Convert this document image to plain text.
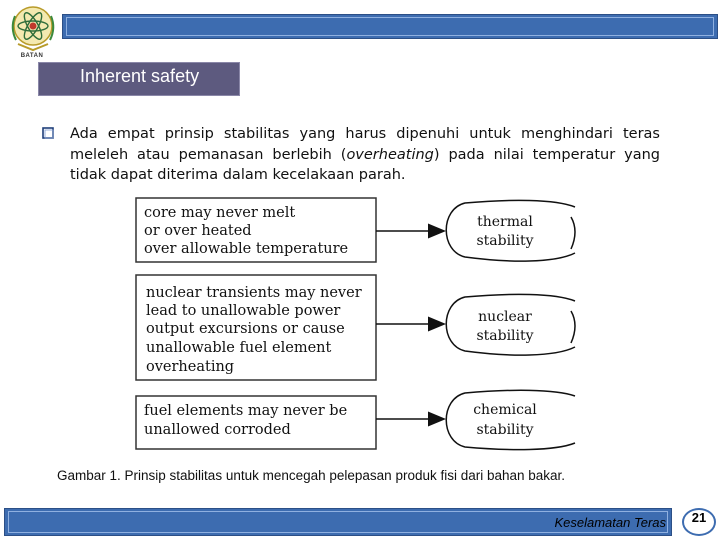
BATAN
Inherent safety
Ada empat prinsip stabilitas yang harus dipenuhi untuk menghindari teras
meleleh atau pemanasan berlebih (overheating) pada nilai temperatur yang
tidak dapat diterima dalam kecelakaan parah.
core may never melt
or over heated
over allowable temperature
thermal
stability
nuclear transients may never
lead to unallowable power
output excursions or cause
unallowable fuel element
overheating
nuclear
stability
fuel elements may never be
unallowed corroded
chemical
stability
Gambar 1. Prinsip stabilitas untuk mencegah pelepasan produk fisi dari bahan bakar.
Keselamatan Teras	21
